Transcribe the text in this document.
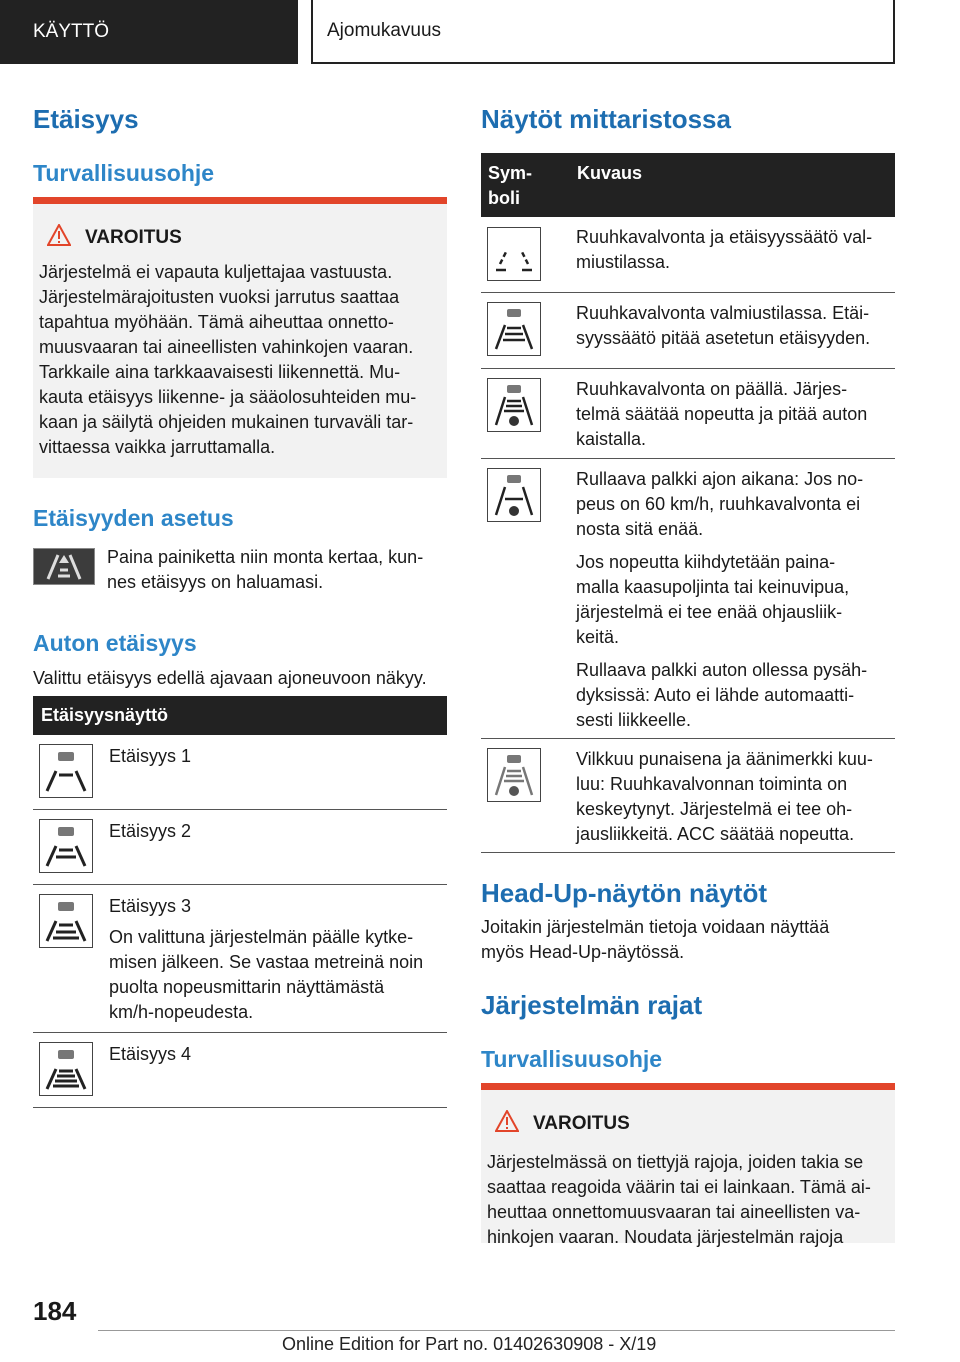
KÄYTTÖ	Ajomukavuus
Etäisyys
Turvallisuusohje
VAROITUS
Järjestelmä ei vapauta kuljettajaa vastuusta.
Järjestelmärajoitusten vuoksi jarrutus saattaa
tapahtua myöhään. Tämä aiheuttaa onnetto-
muusvaaran tai aineellisten vahinkojen vaaran.
Tarkkaile aina tarkkaavaisesti liikennettä. Mu-
kauta etäisyys liikenne- ja sääolosuhteiden mu-
kaan ja säilytä ohjeiden mukainen turvaväli tar-
vittaessa vaikka jarruttamalla.
Etäisyyden asetus

Paina painiketta niin monta kertaa, kun-
nes etäisyys on haluamasi.

Auton etäisyys

Valittu etäisyys edellä ajavaan ajoneuvoon näkyy.

Etäisyysnäyttö
Etäisyys 1
Etäisyys 2
Etäisyys 3
On valittuna järjestelmän päälle kytke-
misen jälkeen. Se vastaa metreinä noin
puolta nopeusmittarin näyttämästä
km/h-nopeudesta.
Etäisyys 4
Näytöt mittaristossa
Sym-
boli
Kuvaus
Ruuhkavalvonta ja etäisyyssäätö val-
miustilassa.
Ruuhkavalvonta valmiustilassa. Etäi-
syyssäätö pitää asetetun etäisyyden.
Ruuhkavalvonta on päällä. Järjes-
telmä säätää nopeutta ja pitää auton
kaistalla.
Rullaava palkki ajon aikana: Jos no-
peus on 60 km/h, ruuhkavalvonta ei
nosta sitä enää.
Jos nopeutta kiihdytetään paina-
malla kaasupoljinta tai keinuvipua,
järjestelmä ei tee enää ohjausliik-
keitä.
Rullaava palkki auton ollessa pysäh-
dyksissä: Auto ei lähde automaatti-
sesti liikkeelle.
Vilkkuu punaisena ja äänimerkki kuu-
luu: Ruuhkavalvonnan toiminta on
keskeytynyt. Järjestelmä ei tee oh-
jausliikkeitä. ACC säätää nopeutta.
Head-Up-näytön näytöt

Joitakin järjestelmän tietoja voidaan näyttää
myös Head-Up-näytössä.

Järjestelmän rajat
Turvallisuusohje
VAROITUS
Järjestelmässä on tiettyjä rajoja, joiden takia se
saattaa reagoida väärin tai ei lainkaan. Tämä ai-
heuttaa onnettomuusvaaran tai aineellisten va-
hinkojen vaaran. Noudata järjestelmän rajoja
184
Online Edition for Part no. 01402630908 - X/19
